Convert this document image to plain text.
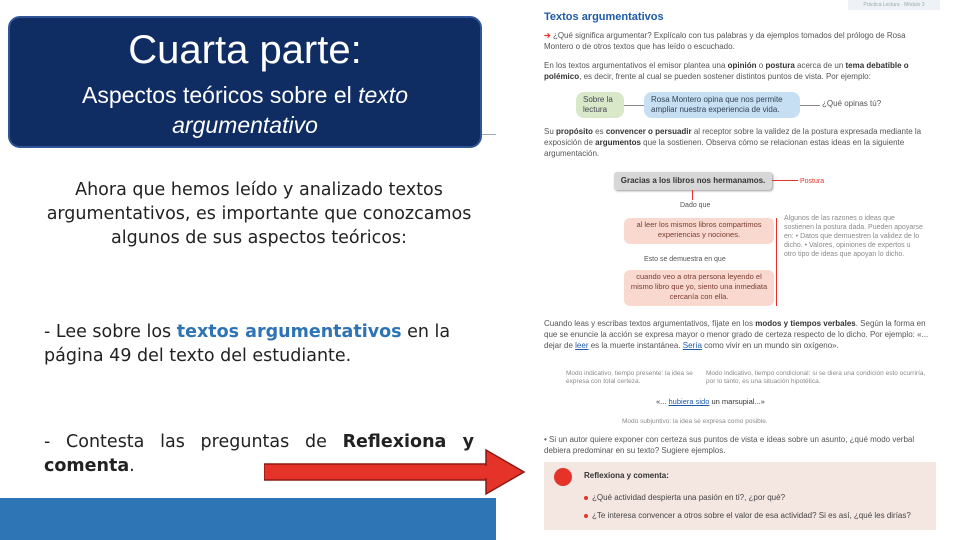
Cuarta parte:
Aspectos teóricos sobre el texto argumentativo
Ahora que hemos leído y analizado textos argumentativos, es importante que conozcamos algunos de sus aspectos teóricos:
- Lee sobre los textos argumentativos en la página 49 del texto del estudiante.
- Contesta las preguntas de Reflexiona y comenta.
Práctica Lectura · Módulo 3
Textos argumentativos
➔ ¿Qué significa argumentar? Explícalo con tus palabras y da ejemplos tomados del prólogo de Rosa Montero o de otros textos que has leído o escuchado.
En los textos argumentativos el emisor plantea una opinión o postura acerca de un tema debatible o polémico, es decir, frente al cual se pueden sostener distintos puntos de vista. Por ejemplo:
Sobre la lectura
Rosa Montero opina que nos permite ampliar nuestra experiencia de vida.
¿Qué opinas tú?
Su propósito es convencer o persuadir al receptor sobre la validez de la postura expresada mediante la exposición de argumentos que la sostienen. Observa cómo se relacionan estas ideas en la siguiente argumentación.
Gracias a los libros nos hermanamos.	Postura
Dado que
al leer los mismos libros compartimos experiencias y nociones.
Esto se demuestra en que
cuando veo a otra persona leyendo el mismo libro que yo, siento una inmediata cercanía con ella.
Algunos de las razones o ideas que sostienen la postura dada. Pueden apoyarse en: • Datos que demuestren la validez de lo dicho. • Valores, opiniones de expertos u otro tipo de ideas que apoyan lo dicho.
Cuando leas y escribas textos argumentativos, fíjate en los modos y tiempos verbales. Según la forma en que se enuncie la acción se expresa mayor o menor grado de certeza respecto de lo dicho. Por ejemplo: «... dejar de leer es la muerte instantánea. Sería como vivir en un mundo sin oxígeno».
Modo indicativo, tiempo presente: la idea se expresa con total certeza.
Modo indicativo, tiempo condicional: si se diera una condición esto ocurriría, por lo tanto, es una situación hipotética.
«... hubiera sido un marsupial...»
Modo subjuntivo: la idea se expresa como posible.
• Si un autor quiere exponer con certeza sus puntos de vista e ideas sobre un asunto, ¿qué modo verbal debiera predominar en su texto? Sugiere ejemplos.
Reflexiona y comenta:
¿Qué actividad despierta una pasión en ti?, ¿por qué?
¿Te interesa convencer a otros sobre el valor de esa actividad? Si es así, ¿qué les dirías?
